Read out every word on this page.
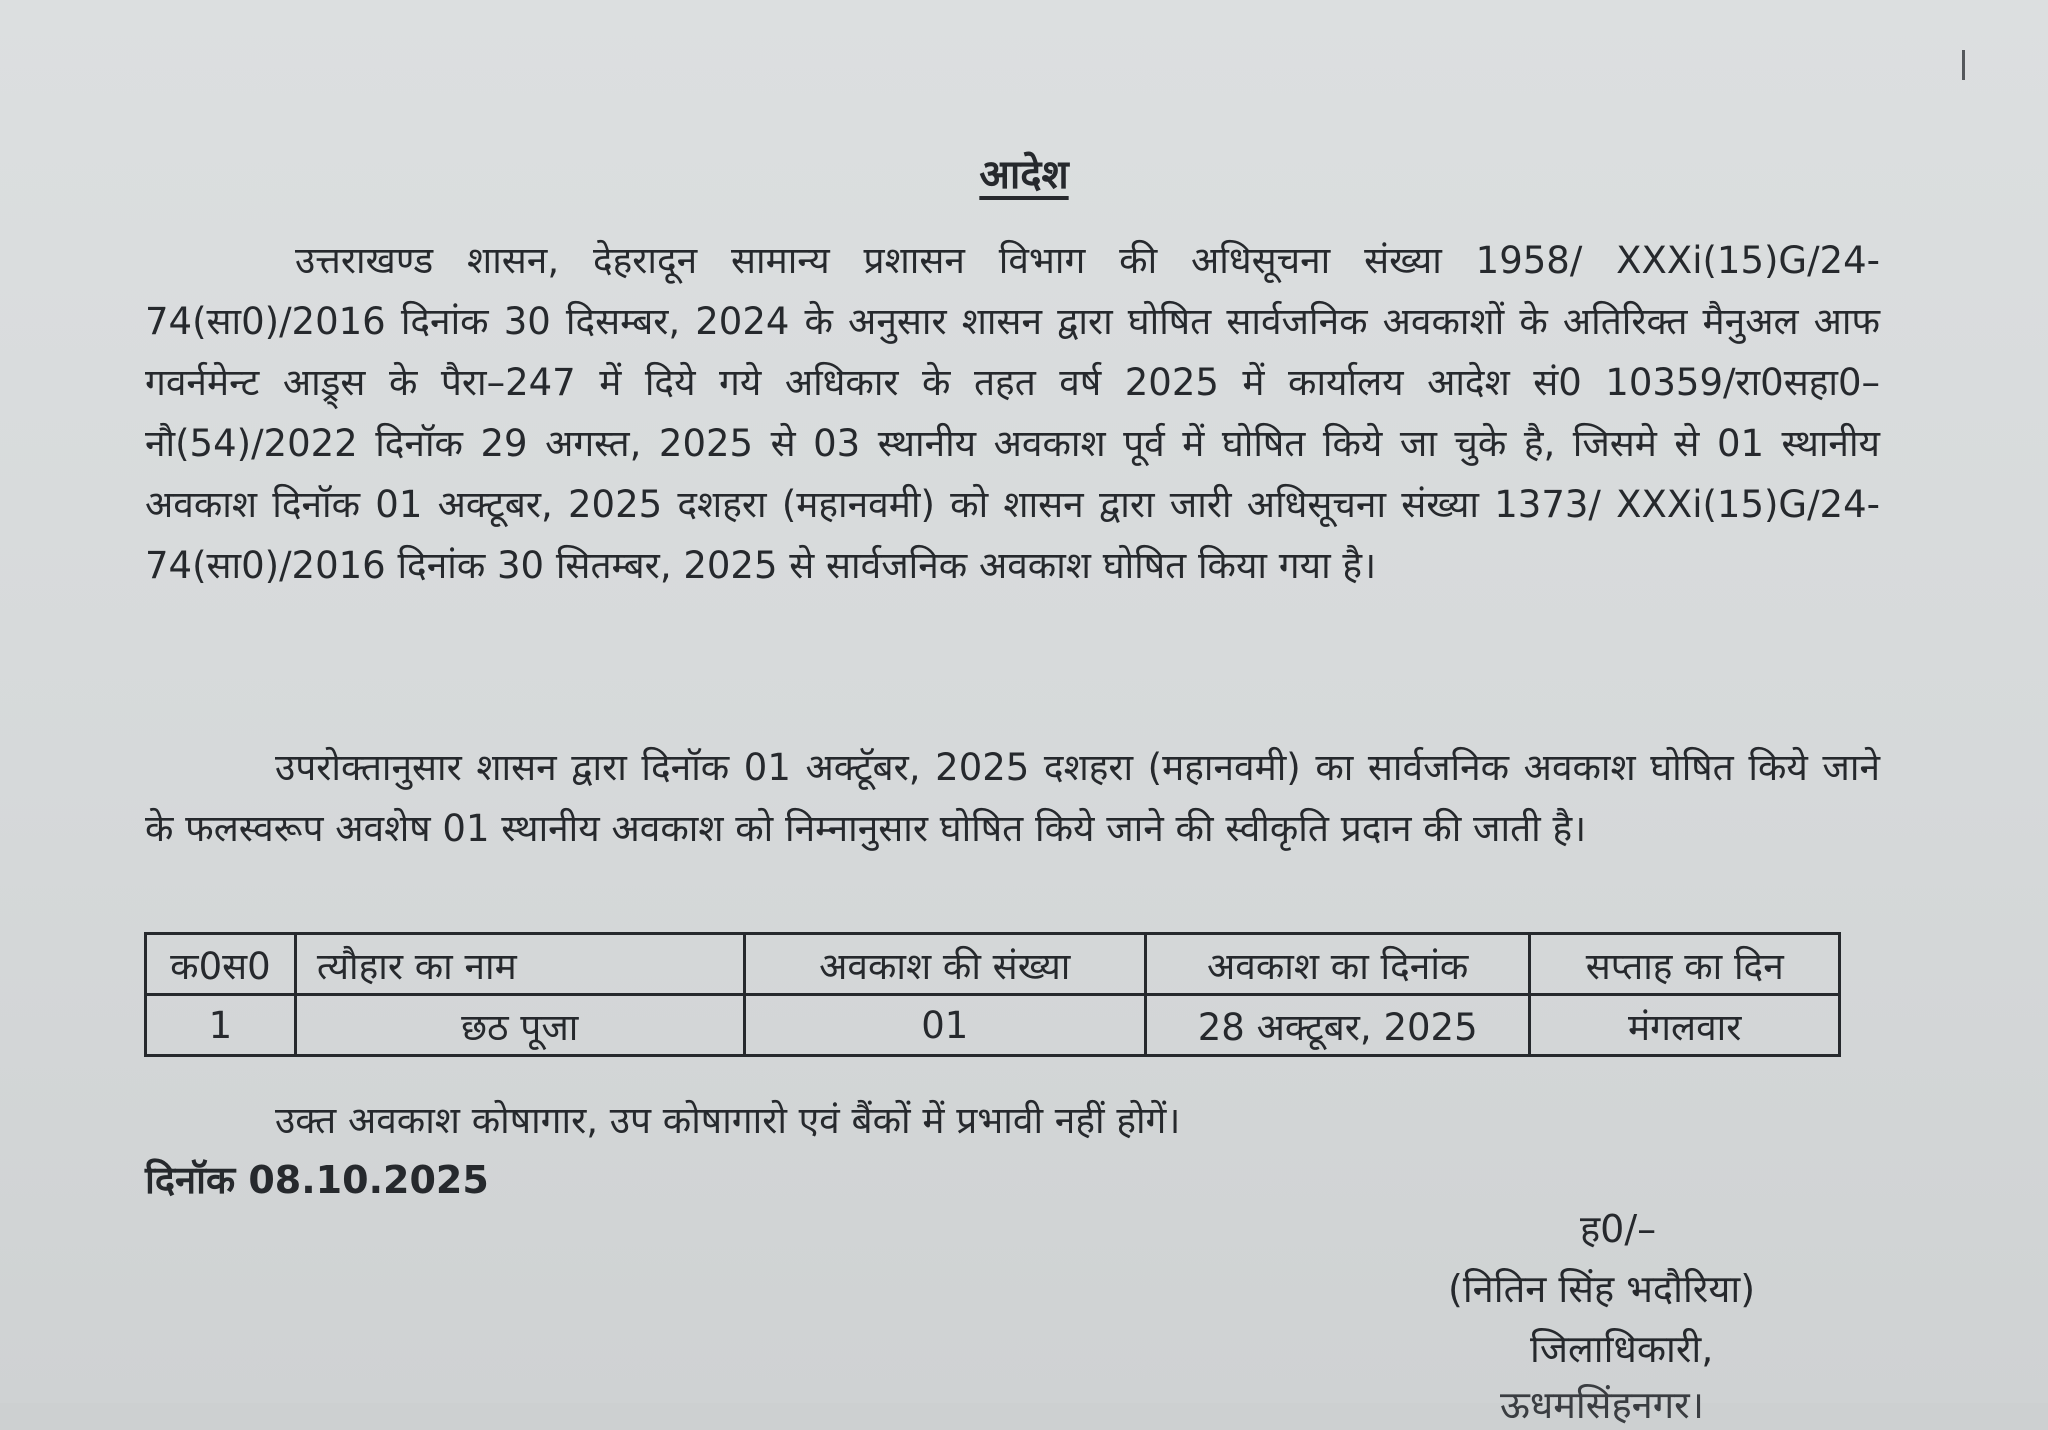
आदेश

उत्तराखण्ड शासन, देहरादून सामान्य प्रशासन विभाग की अधिसूचना संख्या 1958/ XXXi(15)G/24-74(सा0)/2016 दिनांक 30 दिसम्बर, 2024 के अनुसार शासन द्वारा घोषित सार्वजनिक अवकाशों के अतिरिक्त मैनुअल आफ गवर्नमेन्ट आड्र्स के पैरा–247 में दिये गये अधिकार के तहत वर्ष 2025 में कार्यालय आदेश सं0 10359/रा0सहा0–नौ(54)/2022 दिनॉक 29 अगस्त, 2025 से 03 स्थानीय अवकाश पूर्व में घोषित किये जा चुके है, जिसमे से 01 स्थानीय अवकाश दिनॉक 01 अक्टूबर, 2025 दशहरा (महानवमी) को शासन द्वारा जारी अधिसूचना संख्या 1373/ XXXi(15)G/24-74(सा0)/2016 दिनांक 30 सितम्बर, 2025 से सार्वजनिक अवकाश घोषित किया गया है।

उपरोक्तानुसार शासन द्वारा दिनॉक 01 अक्टॅूबर, 2025 दशहरा (महानवमी) का सार्वजनिक अवकाश घोषित किये जाने के फलस्वरूप अवशेष 01 स्थानीय अवकाश को निम्नानुसार घोषित किये जाने की स्वीकृति प्रदान की जाती है।

क0स0	त्यौहार का नाम	अवकाश की संख्या	अवकाश का दिनांक	सप्ताह का दिन
1	छठ पूजा	01	28 अक्टूबर, 2025	मंगलवार

उक्त अवकाश कोषागार, उप कोषागारो एवं बैंकों में प्रभावी नहीं होगें।

दिनॉक 08.10.2025
ह0/–
(नितिन सिंह भदौरिया)
जिलाधिकारी,
ऊधमसिंहनगर।
